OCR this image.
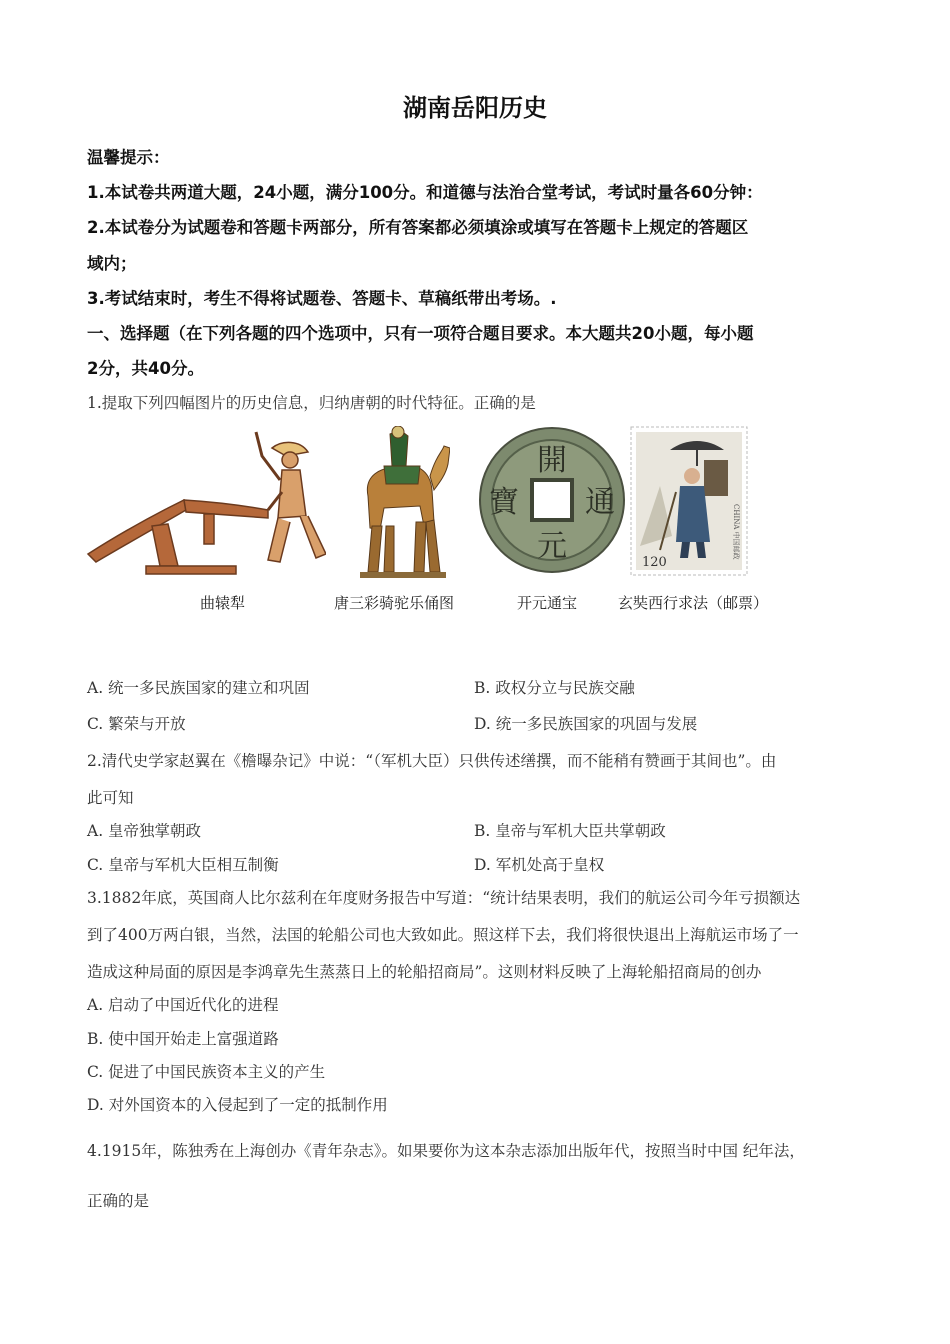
湖南岳阳历史
温馨提示：
1.本试卷共两道大题，24小题，满分100分。和道德与法治合堂考试，考试时量各60分钟：
2.本试卷分为试题卷和答题卡两部分，所有答案都必须填涂或填写在答题卡上规定的答题区
域内；
3.考试结束时，考生不得将试题卷、答题卡、草稿纸带出考场。.
一、选择题（在下列各题的四个选项中，只有一项符合题目要求。本大题共20小题，每小题
2分，共40分。
1.提取下列四幅图片的历史信息，归纳唐朝的时代特征。正确的是
開
元
通
寶
120
CHINA 中国邮政
曲辕犁	唐三彩骑驼乐俑图	开元通宝	玄奘西行求法（邮票）
A. 统一多民族国家的建立和巩固	B. 政权分立与民族交融
C. 繁荣与开放	D. 统一多民族国家的巩固与发展
2.清代史学家赵翼在《檐曝杂记》中说：“（军机大臣）只供传述缮撰，而不能稍有赞画于其间也”。由
此可知
A. 皇帝独掌朝政	B. 皇帝与军机大臣共掌朝政
C. 皇帝与军机大臣相互制衡	D. 军机处高于皇权
3.1882年底，英国商人比尔兹利在年度财务报告中写道：“统计结果表明，我们的航运公司今年亏损额达
到了400万两白银，当然，法国的轮船公司也大致如此。照这样下去，我们将很快退出上海航运市场了一
造成这种局面的原因是李鸿章先生蒸蒸日上的轮船招商局”。这则材料反映了上海轮船招商局的创办
A. 启动了中国近代化的进程
B. 使中国开始走上富强道路
C. 促进了中国民族资本主义的产生
D. 对外国资本的入侵起到了一定的抵制作用
4.1915年，陈独秀在上海创办《青年杂志》。如果要你为这本杂志添加出版年代，按照当时中国 纪年法，
正确的是
